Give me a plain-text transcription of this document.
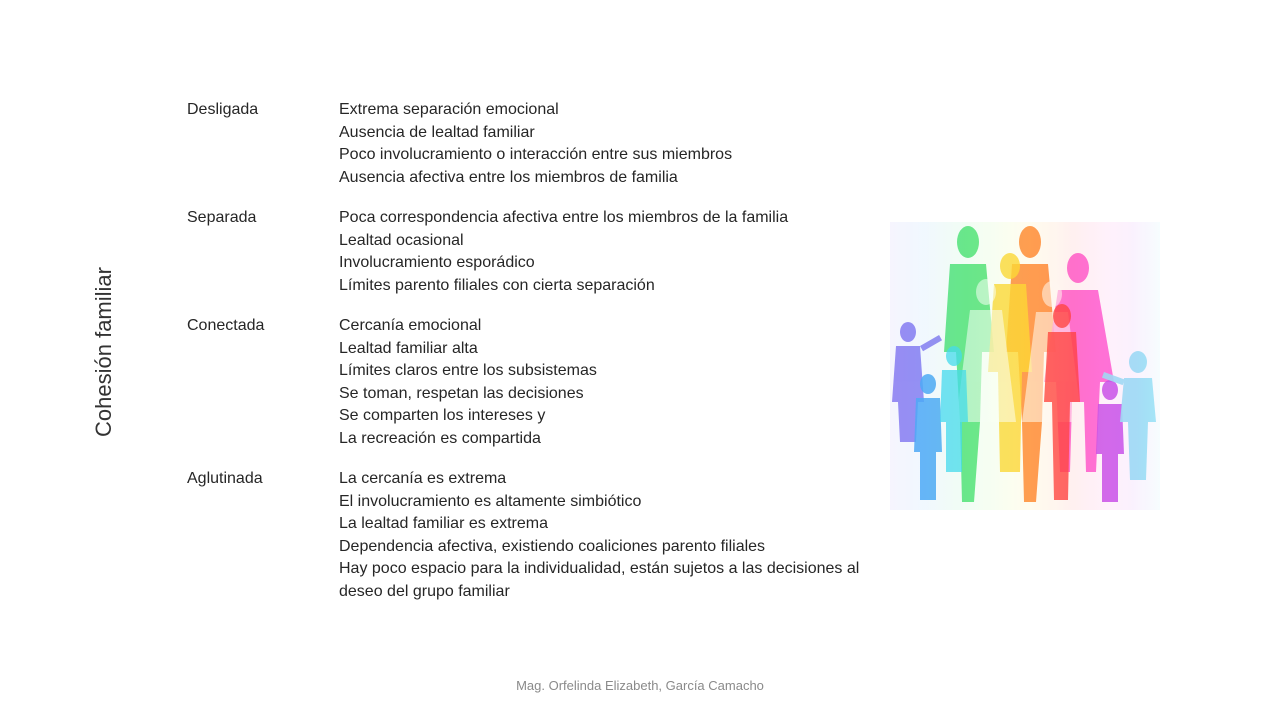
Cohesión familiar
Desligada	Extrema separación emocional
Ausencia de lealtad familiar
Poco involucramiento o interacción entre sus miembros
Ausencia afectiva entre los miembros de familia
Separada	Poca correspondencia afectiva entre los miembros de la familia
Lealtad ocasional
Involucramiento esporádico
Límites parento filiales con cierta separación
Conectada	Cercanía emocional
Lealtad familiar alta
Límites claros entre los subsistemas
Se toman, respetan las decisiones
Se comparten los intereses y
La recreación es compartida
Aglutinada	La cercanía es extrema
El involucramiento es altamente simbiótico
La lealtad familiar es extrema
Dependencia afectiva, existiendo coaliciones parento filiales
Hay poco espacio para la individualidad, están sujetos a las decisiones al
deseo del grupo familiar
Mag. Orfelinda Elizabeth, García Camacho
